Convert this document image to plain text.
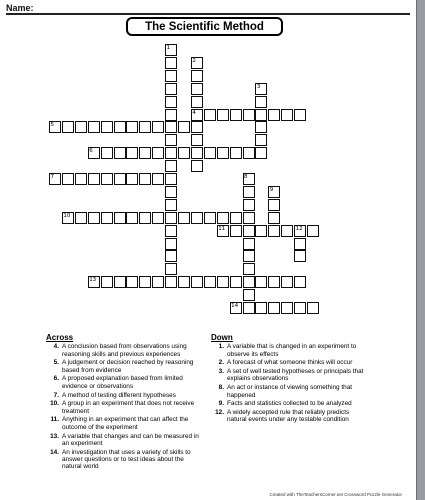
Name:
The Scientific Method
1
2
3
4
5
6
7	8
9
10
11	12
13
14
Across
4. A conclusion based from observations using reasoning skills and previous experiences
5. A judgement or decision reached by reasoning based from evidence
6. A proposed explanation based from limited evidence or observations
7. A method of testing different hypotheses
10. A group in an experiment that does not receive treatment
11. Anything in an experiment that can affect the outcome of the experiment
13. A variable that changes and can be measured in an experiment
14. An investigation that uses a variety of skills to answer questions or to test ideas about the natural world
Down
1. A variable that is changed in an experiment to observe its effects
2. A forecast of what someone thinks will occur
3. A set of well tested hypotheses or principals that explains observations
8. An act or instance of viewing something that happened
9. Facts and statistics collected to be analyzed
12. A widely accepted rule that reliably predicts natural events under any testable condition
Created with TheTeachersCorner.net Crossword Puzzle Generator
